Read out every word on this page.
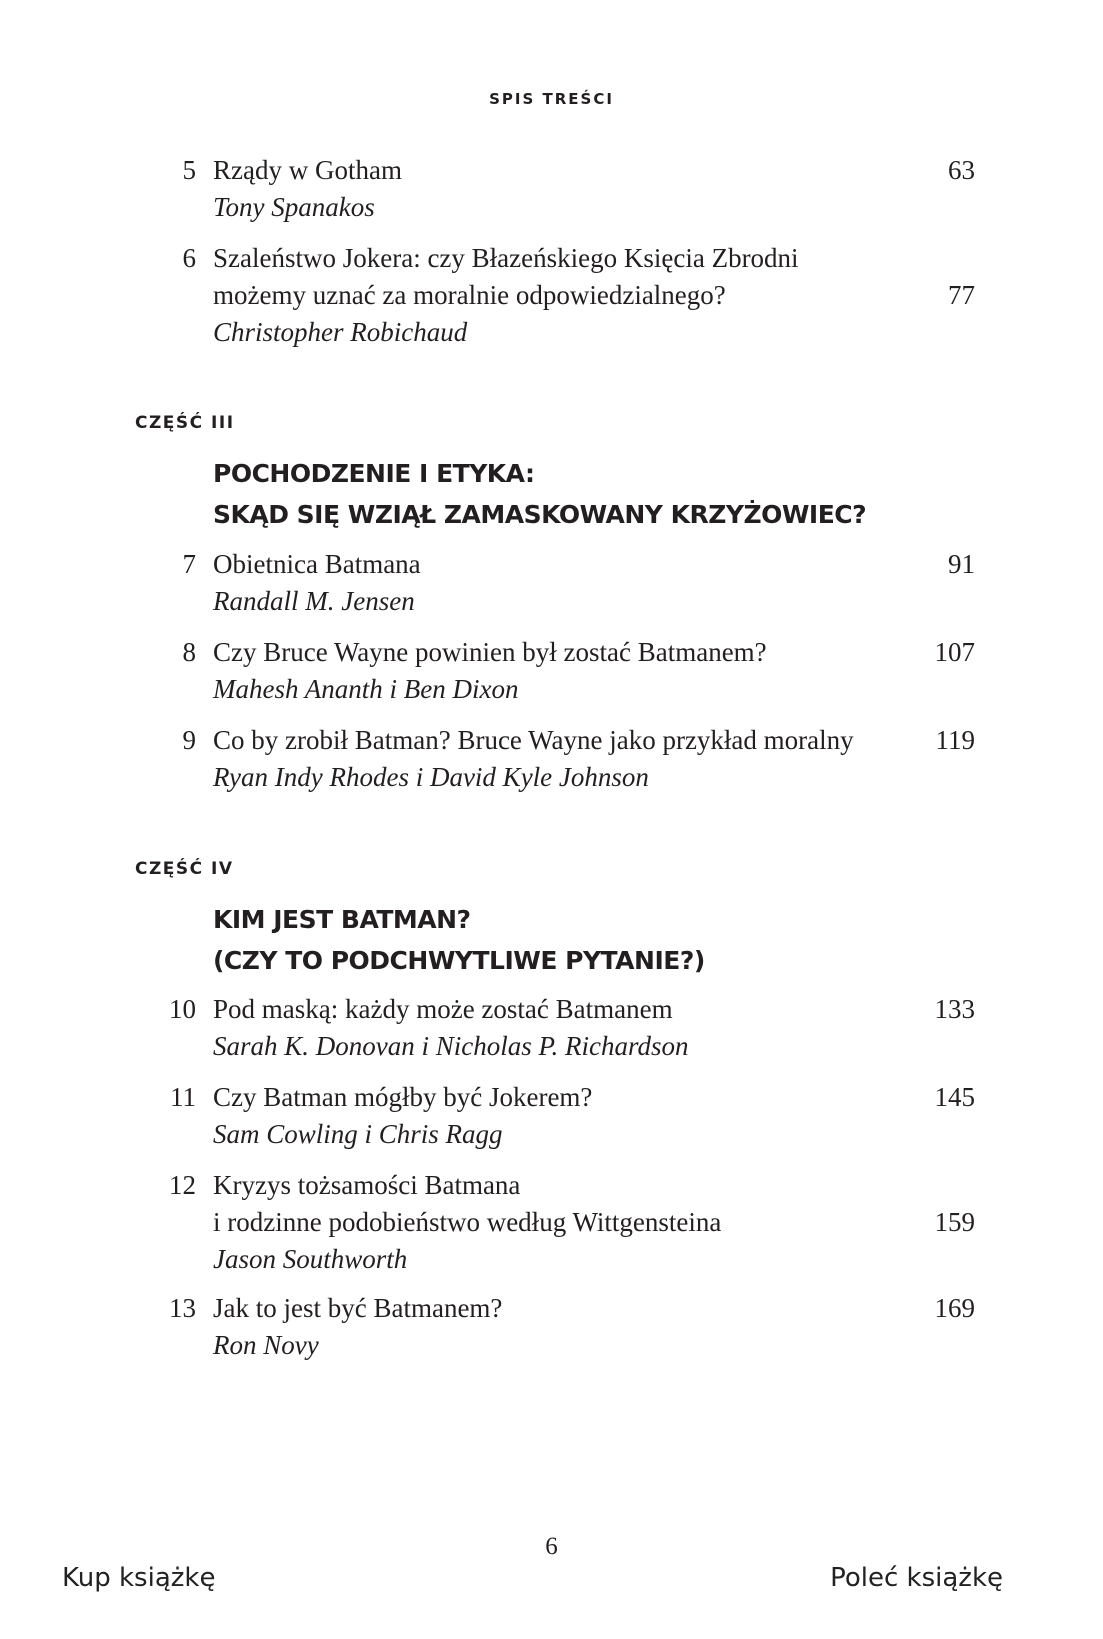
SPIS TREŚCI
5 Rządy w Gotham	63
Tony Spanakos
6 Szaleństwo Jokera: czy Błazeńskiego Księcia Zbrodni
możemy uznać za moralnie odpowiedzialnego?	77
Christopher Robichaud
CZĘŚĆ III
POCHODZENIE I ETYKA:
SKĄD SIĘ WZIĄŁ ZAMASKOWANY KRZYŻOWIEC?
7 Obietnica Batmana	91
Randall M. Jensen
8 Czy Bruce Wayne powinien był zostać Batmanem?	107
Mahesh Ananth i Ben Dixon
9 Co by zrobił Batman? Bruce Wayne jako przykład moralny	119
Ryan Indy Rhodes i David Kyle Johnson
CZĘŚĆ IV
KIM JEST BATMAN?
(CZY TO PODCHWYTLIWE PYTANIE?)
10 Pod maską: każdy może zostać Batmanem	133
Sarah K. Donovan i Nicholas P. Richardson
11 Czy Batman mógłby być Jokerem?	145
Sam Cowling i Chris Ragg
12 Kryzys tożsamości Batmana
i rodzinne podobieństwo według Wittgensteina	159
Jason Southworth
13 Jak to jest być Batmanem?	169
Ron Novy
6
Kup książkę	Poleć książkę
